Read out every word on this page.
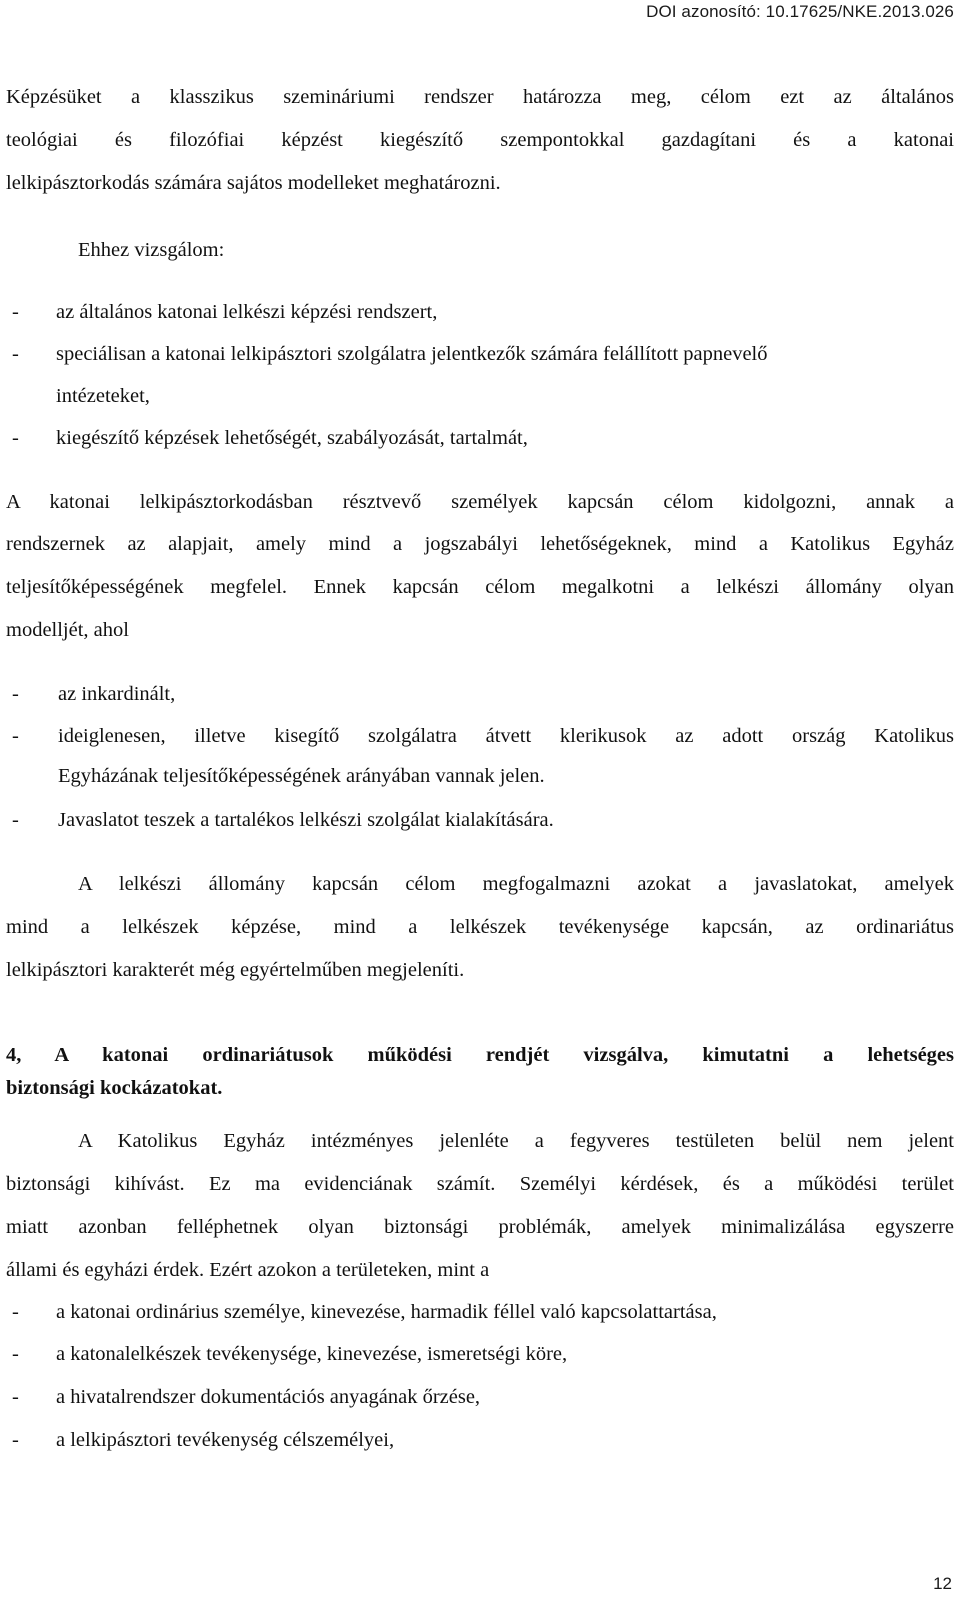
DOI azonosító: 10.17625/NKE.2013.026
Képzésüket a klasszikus szemináriumi rendszer határozza meg, célom ezt az általános
teológiai és filozófiai képzést kiegészítő szempontokkal gazdagítani és a katonai
lelkipásztorkodás számára sajátos modelleket meghatározni.
Ehhez vizsgálom:
- az általános katonai lelkészi képzési rendszert,
- speciálisan a katonai lelkipásztori szolgálatra jelentkezők számára felállított papnevelő
intézeteket,
- kiegészítő képzések lehetőségét, szabályozását, tartalmát,
A katonai lelkipásztorkodásban résztvevő személyek kapcsán célom kidolgozni, annak a
rendszernek az alapjait, amely mind a jogszabályi lehetőségeknek, mind a Katolikus Egyház
teljesítőképességének megfelel. Ennek kapcsán célom megalkotni a lelkészi állomány olyan
modelljét, ahol
- az inkardinált,
- ideiglenesen, illetve kisegítő szolgálatra átvett klerikusok az adott ország Katolikus
Egyházának teljesítőképességének arányában vannak jelen.
- Javaslatot teszek a tartalékos lelkészi szolgálat kialakítására.
A lelkészi állomány kapcsán célom megfogalmazni azokat a javaslatokat, amelyek
mind a lelkészek képzése, mind a lelkészek tevékenysége kapcsán, az ordinariátus
lelkipásztori karakterét még egyértelműben megjeleníti.
4, A katonai ordinariátusok működési rendjét vizsgálva, kimutatni a lehetséges
biztonsági kockázatokat.
A Katolikus Egyház intézményes jelenléte a fegyveres testületen belül nem jelent
biztonsági kihívást. Ez ma evidenciának számít. Személyi kérdések, és a működési terület
miatt azonban felléphetnek olyan biztonsági problémák, amelyek minimalizálása egyszerre
állami és egyházi érdek. Ezért azokon a területeken, mint a
- a katonai ordinárius személye, kinevezése, harmadik féllel való kapcsolattartása,
- a katonalelkészek tevékenysége, kinevezése, ismeretségi köre,
- a hivatalrendszer dokumentációs anyagának őrzése,
- a lelkipásztori tevékenység célszemélyei,
12
